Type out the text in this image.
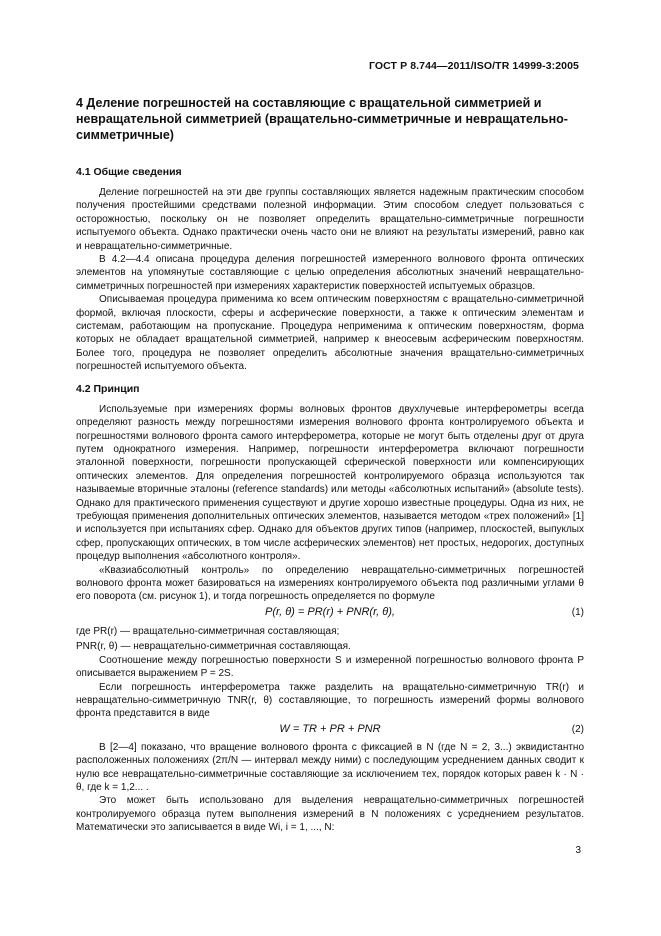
ГОСТ Р 8.744—2011/ISO/TR 14999-3:2005
4 Деление погрешностей на составляющие с вращательной симметрией и невращательной симметрией (вращательно-симметричные и невращательно-симметричные)
4.1 Общие сведения

Деление погрешностей на эти две группы составляющих является надежным практическим способом получения простейшими средствами полезной информации. Этим способом следует пользоваться с осторожностью, поскольку он не позволяет определить вращательно-симметричные погрешности испытуемого объекта. Однако практически очень часто они не влияют на результаты измерений, равно как и невращательно-симметричные.

В 4.2—4.4 описана процедура деления погрешностей измеренного волнового фронта оптических элементов на упомянутые составляющие с целью определения абсолютных значений невращательно-симметричных погрешностей при измерениях характеристик поверхностей испытуемых образцов.

Описываемая процедура применима ко всем оптическим поверхностям с вращательно-симметричной формой, включая плоскости, сферы и асферические поверхности, а также к оптическим элементам и системам, работающим на пропускание. Процедура неприменима к оптическим поверхностям, форма которых не обладает вращательной симметрией, например к внеосевым асферическим поверхностям. Более того, процедура не позволяет определить абсолютные значения вращательно-симметричных погрешностей испытуемого объекта.

4.2 Принцип

Используемые при измерениях формы волновых фронтов двухлучевые интерферометры всегда определяют разность между погрешностями измерения волнового фронта контролируемого объекта и погрешностями волнового фронта самого интерферометра, которые не могут быть отделены друг от друга путем однократного измерения. Например, погрешности интерферометра включают погрешности эталонной поверхности, погрешности пропускающей сферической поверхности или компенсирующих оптических элементов. Для определения погрешностей контролируемого образца используются так называемые вторичные эталоны (reference standards) или методы «абсолютных испытаний» (absolute tests). Однако для практического применения существуют и другие хорошо известные процедуры. Одна из них, не требующая применения дополнительных оптических элементов, называется методом «трех положений» [1] и используется при испытаниях сфер. Однако для объектов других типов (например, плоскостей, выпуклых сфер, пропускающих оптических, в том числе асферических элементов) нет простых, недорогих, доступных процедур выполнения «абсолютного контроля».

«Квазиабсолютный контроль» по определению невращательно-симметричных погрешностей волнового фронта может базироваться на измерениях контролируемого объекта под различными углами θ его поворота (см. рисунок 1), и тогда погрешность определяется по формуле

P(r, θ) = PR(r) + PNR(r, θ),	(1)
где PR(r) — вращательно-симметричная составляющая;
PNR(r, θ) — невращательно-симметричная составляющая.

Соотношение между погрешностью поверхности S и измеренной погрешностью волнового фронта P описывается выражением P = 2S.

Если погрешность интерферометра также разделить на вращательно-симметричную TR(r) и невращательно-симметричную TNR(r, θ) составляющие, то погрешность измерений формы волнового фронта представится в виде

W = TR + PR + PNR	(2)

В [2—4] показано, что вращение волнового фронта с фиксацией в N (где N = 2, 3...) эквидистантно расположенных положениях (2π/N — интервал между ними) с последующим усреднением данных сводит к нулю все невращательно-симметричные составляющие за исключением тех, порядок которых равен k · N · θ, где k = 1,2... .

Это может быть использовано для выделения невращательно-симметричных погрешностей контролируемого образца путем выполнения измерений в N положениях с усреднением результатов. Математически это записывается в виде Wi, i = 1, ..., N:

3
